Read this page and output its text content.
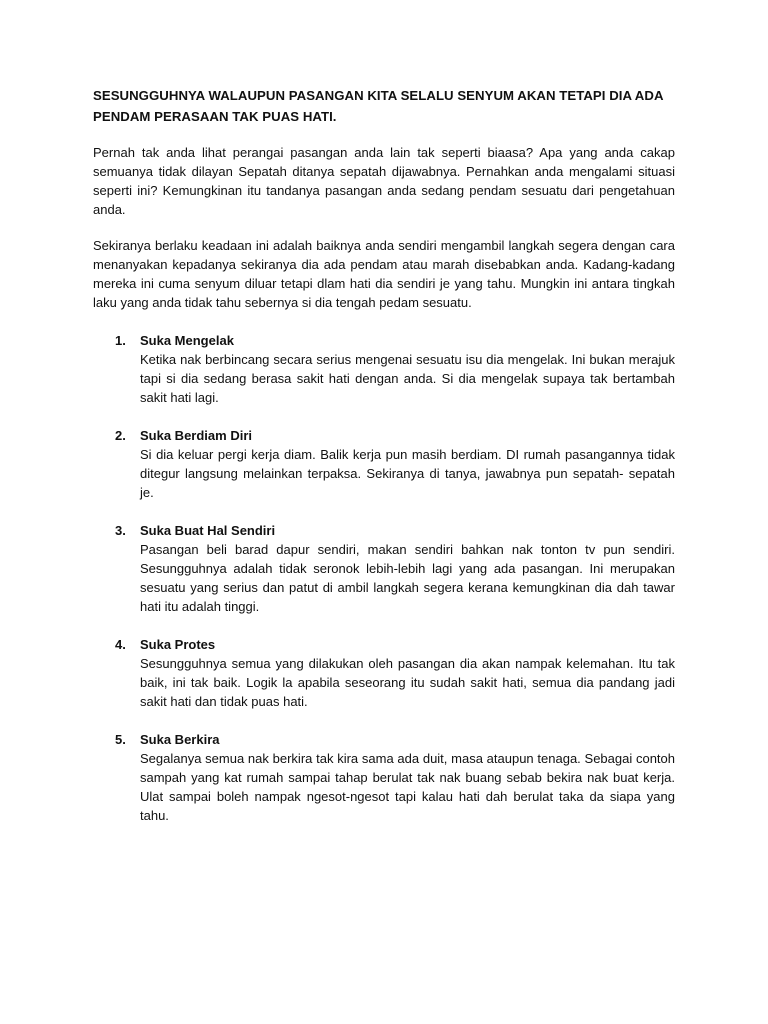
SESUNGGUHNYA WALAUPUN PASANGAN KITA SELALU SENYUM AKAN TETAPI DIA ADA PENDAM PERASAAN TAK PUAS HATI.

Pernah tak anda lihat perangai pasangan anda lain tak seperti biaasa? Apa yang anda cakap semuanya tidak dilayan Sepatah ditanya sepatah dijawabnya. Pernahkan anda mengalami situasi seperti ini? Kemungkinan itu tandanya pasangan anda sedang pendam sesuatu dari pengetahuan anda.

Sekiranya berlaku keadaan ini adalah baiknya anda sendiri mengambil langkah segera dengan cara menanyakan kepadanya sekiranya dia ada pendam atau marah disebabkan anda. Kadang-kadang mereka ini cuma senyum diluar tetapi dlam hati dia sendiri je yang tahu. Mungkin ini antara tingkah laku yang anda tidak tahu sebernya si dia tengah pedam sesuatu.

1. Suka Mengelak

Ketika nak berbincang secara serius mengenai sesuatu isu dia mengelak. Ini bukan merajuk tapi si dia sedang berasa sakit hati dengan anda. Si dia mengelak supaya tak bertambah sakit hati lagi.

2. Suka Berdiam Diri

Si dia keluar pergi kerja diam. Balik kerja pun masih berdiam. DI rumah pasangannya tidak ditegur langsung melainkan terpaksa. Sekiranya di tanya, jawabnya pun sepatah- sepatah je.

3. Suka Buat Hal Sendiri

Pasangan beli barad dapur sendiri, makan sendiri bahkan nak tonton tv pun sendiri. Sesungguhnya adalah tidak seronok lebih-lebih lagi yang ada pasangan. Ini merupakan sesuatu yang serius dan patut di ambil langkah segera kerana kemungkinan dia dah tawar hati itu adalah tinggi.

4. Suka Protes

Sesungguhnya semua yang dilakukan oleh pasangan dia akan nampak kelemahan. Itu tak baik, ini tak baik. Logik la apabila seseorang itu sudah sakit hati, semua dia pandang jadi sakit hati dan tidak puas hati.

5. Suka Berkira

Segalanya semua nak berkira tak kira sama ada duit, masa ataupun tenaga. Sebagai contoh sampah yang kat rumah sampai tahap berulat tak nak buang sebab bekira nak buat kerja. Ulat sampai boleh nampak ngesot-ngesot tapi kalau hati dah berulat taka da siapa yang tahu.
